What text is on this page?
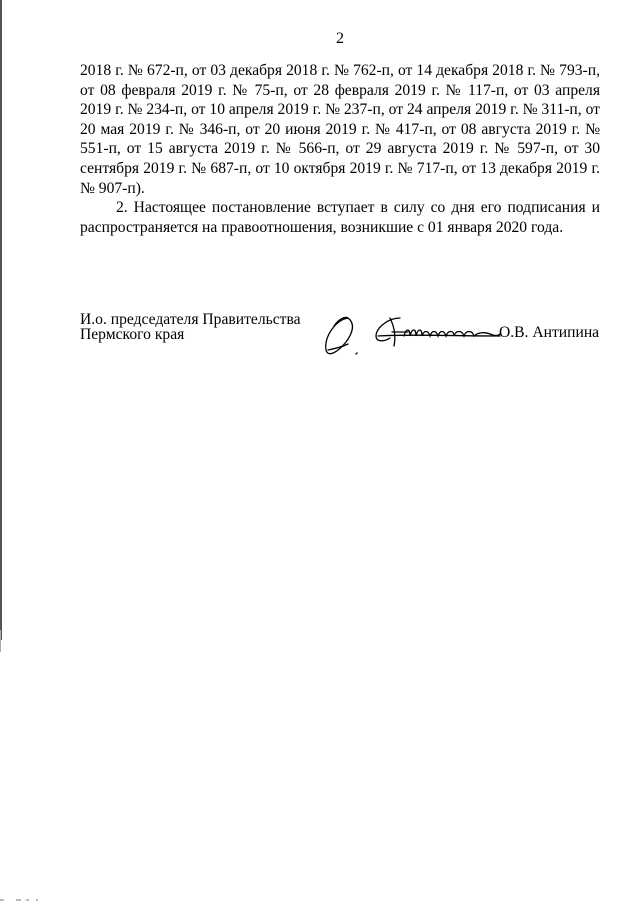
2

2018 г. № 672-п, от 03 декабря 2018 г. № 762-п, от 14 декабря 2018 г. № 793-п, от 08 февраля 2019 г. № 75-п, от 28 февраля 2019 г. № 117-п, от 03 апреля 2019 г. № 234-п, от 10 апреля 2019 г. № 237-п, от 24 апреля 2019 г. № 311-п, от 20 мая 2019 г. № 346-п, от 20 июня 2019 г. № 417-п, от 08 августа 2019 г. № 551-п, от 15 августа 2019 г. № 566-п, от 29 августа 2019 г. № 597-п, от 30 сентября 2019 г. № 687-п, от 10 октября 2019 г. № 717-п, от 13 декабря 2019 г. № 907-п).

2. Настоящее постановление вступает в силу со дня его подписания и распространяется на правоотношения, возникшие с 01 января 2020 года.

И.о. председателя Правительства
Пермского края	О.В. Антипина
